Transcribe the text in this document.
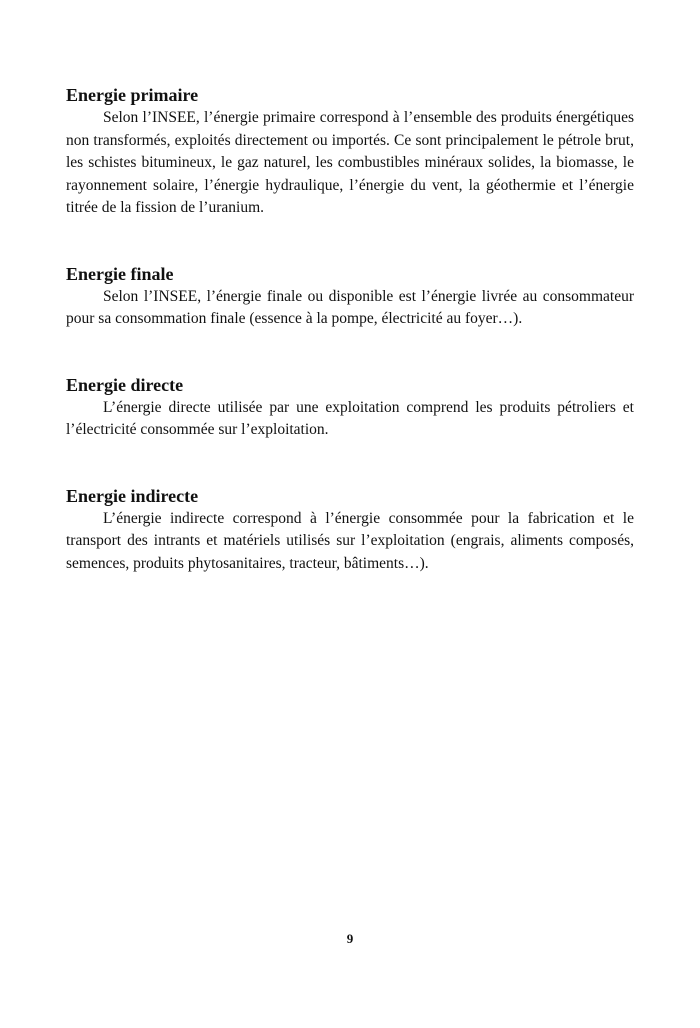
Energie primaire

Selon l’INSEE, l’énergie primaire correspond à l’ensemble des produits énergétiques non transformés, exploités directement ou importés. Ce sont principalement le pétrole brut, les schistes bitumineux, le gaz naturel, les combustibles minéraux solides, la biomasse, le rayonnement solaire, l’énergie hydraulique, l’énergie du vent, la géothermie et l’énergie titrée de la fission de l’uranium.

Energie finale

Selon l’INSEE, l’énergie finale ou disponible est l’énergie livrée au consommateur pour sa consommation finale (essence à la pompe, électricité au foyer…).

Energie directe

L’énergie directe utilisée par une exploitation comprend les produits pétroliers et l’électricité consommée sur l’exploitation.

Energie indirecte

L’énergie indirecte correspond à l’énergie consommée pour la fabrication et le transport des intrants et matériels utilisés sur l’exploitation (engrais, aliments composés, semences, produits phytosanitaires, tracteur, bâtiments…).

9
